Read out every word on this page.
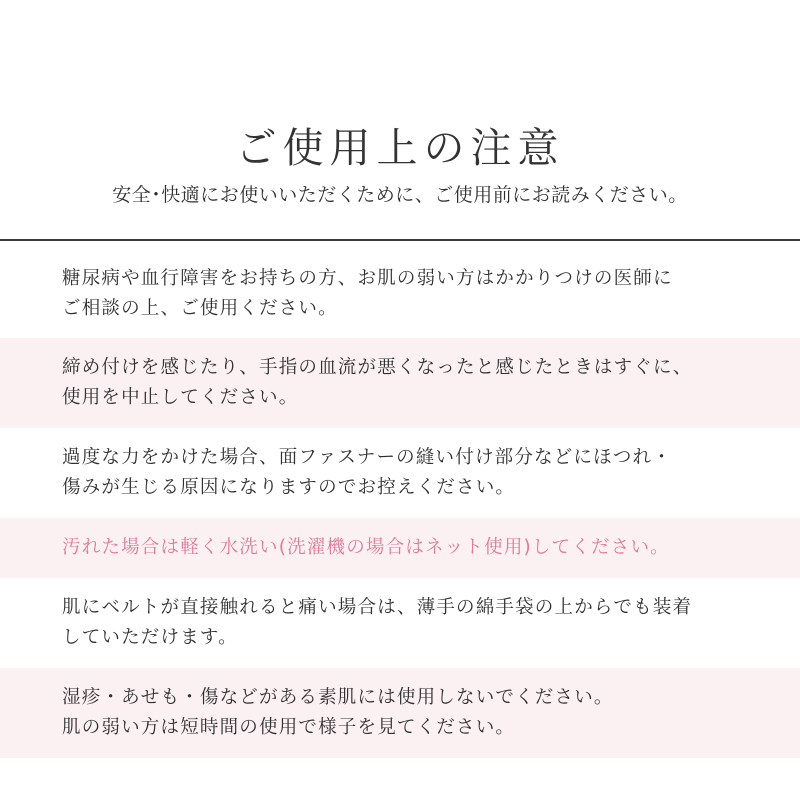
ご使用上の注意
安全･快適にお使いいただくために、ご使用前にお読みください。
糖尿病や血行障害をお持ちの方、お肌の弱い方はかかりつけの医師に
ご相談の上、ご使用ください。
締め付けを感じたり、手指の血流が悪くなったと感じたときはすぐに、
使用を中止してください。
過度な力をかけた場合、面ファスナーの縫い付け部分などにほつれ・
傷みが生じる原因になりますのでお控えください。
汚れた場合は軽く水洗い(洗濯機の場合はネット使用)してください。
肌にベルトが直接触れると痛い場合は、薄手の綿手袋の上からでも装着
していただけます。
湿疹・あせも・傷などがある素肌には使用しないでください。
肌の弱い方は短時間の使用で様子を見てください。
